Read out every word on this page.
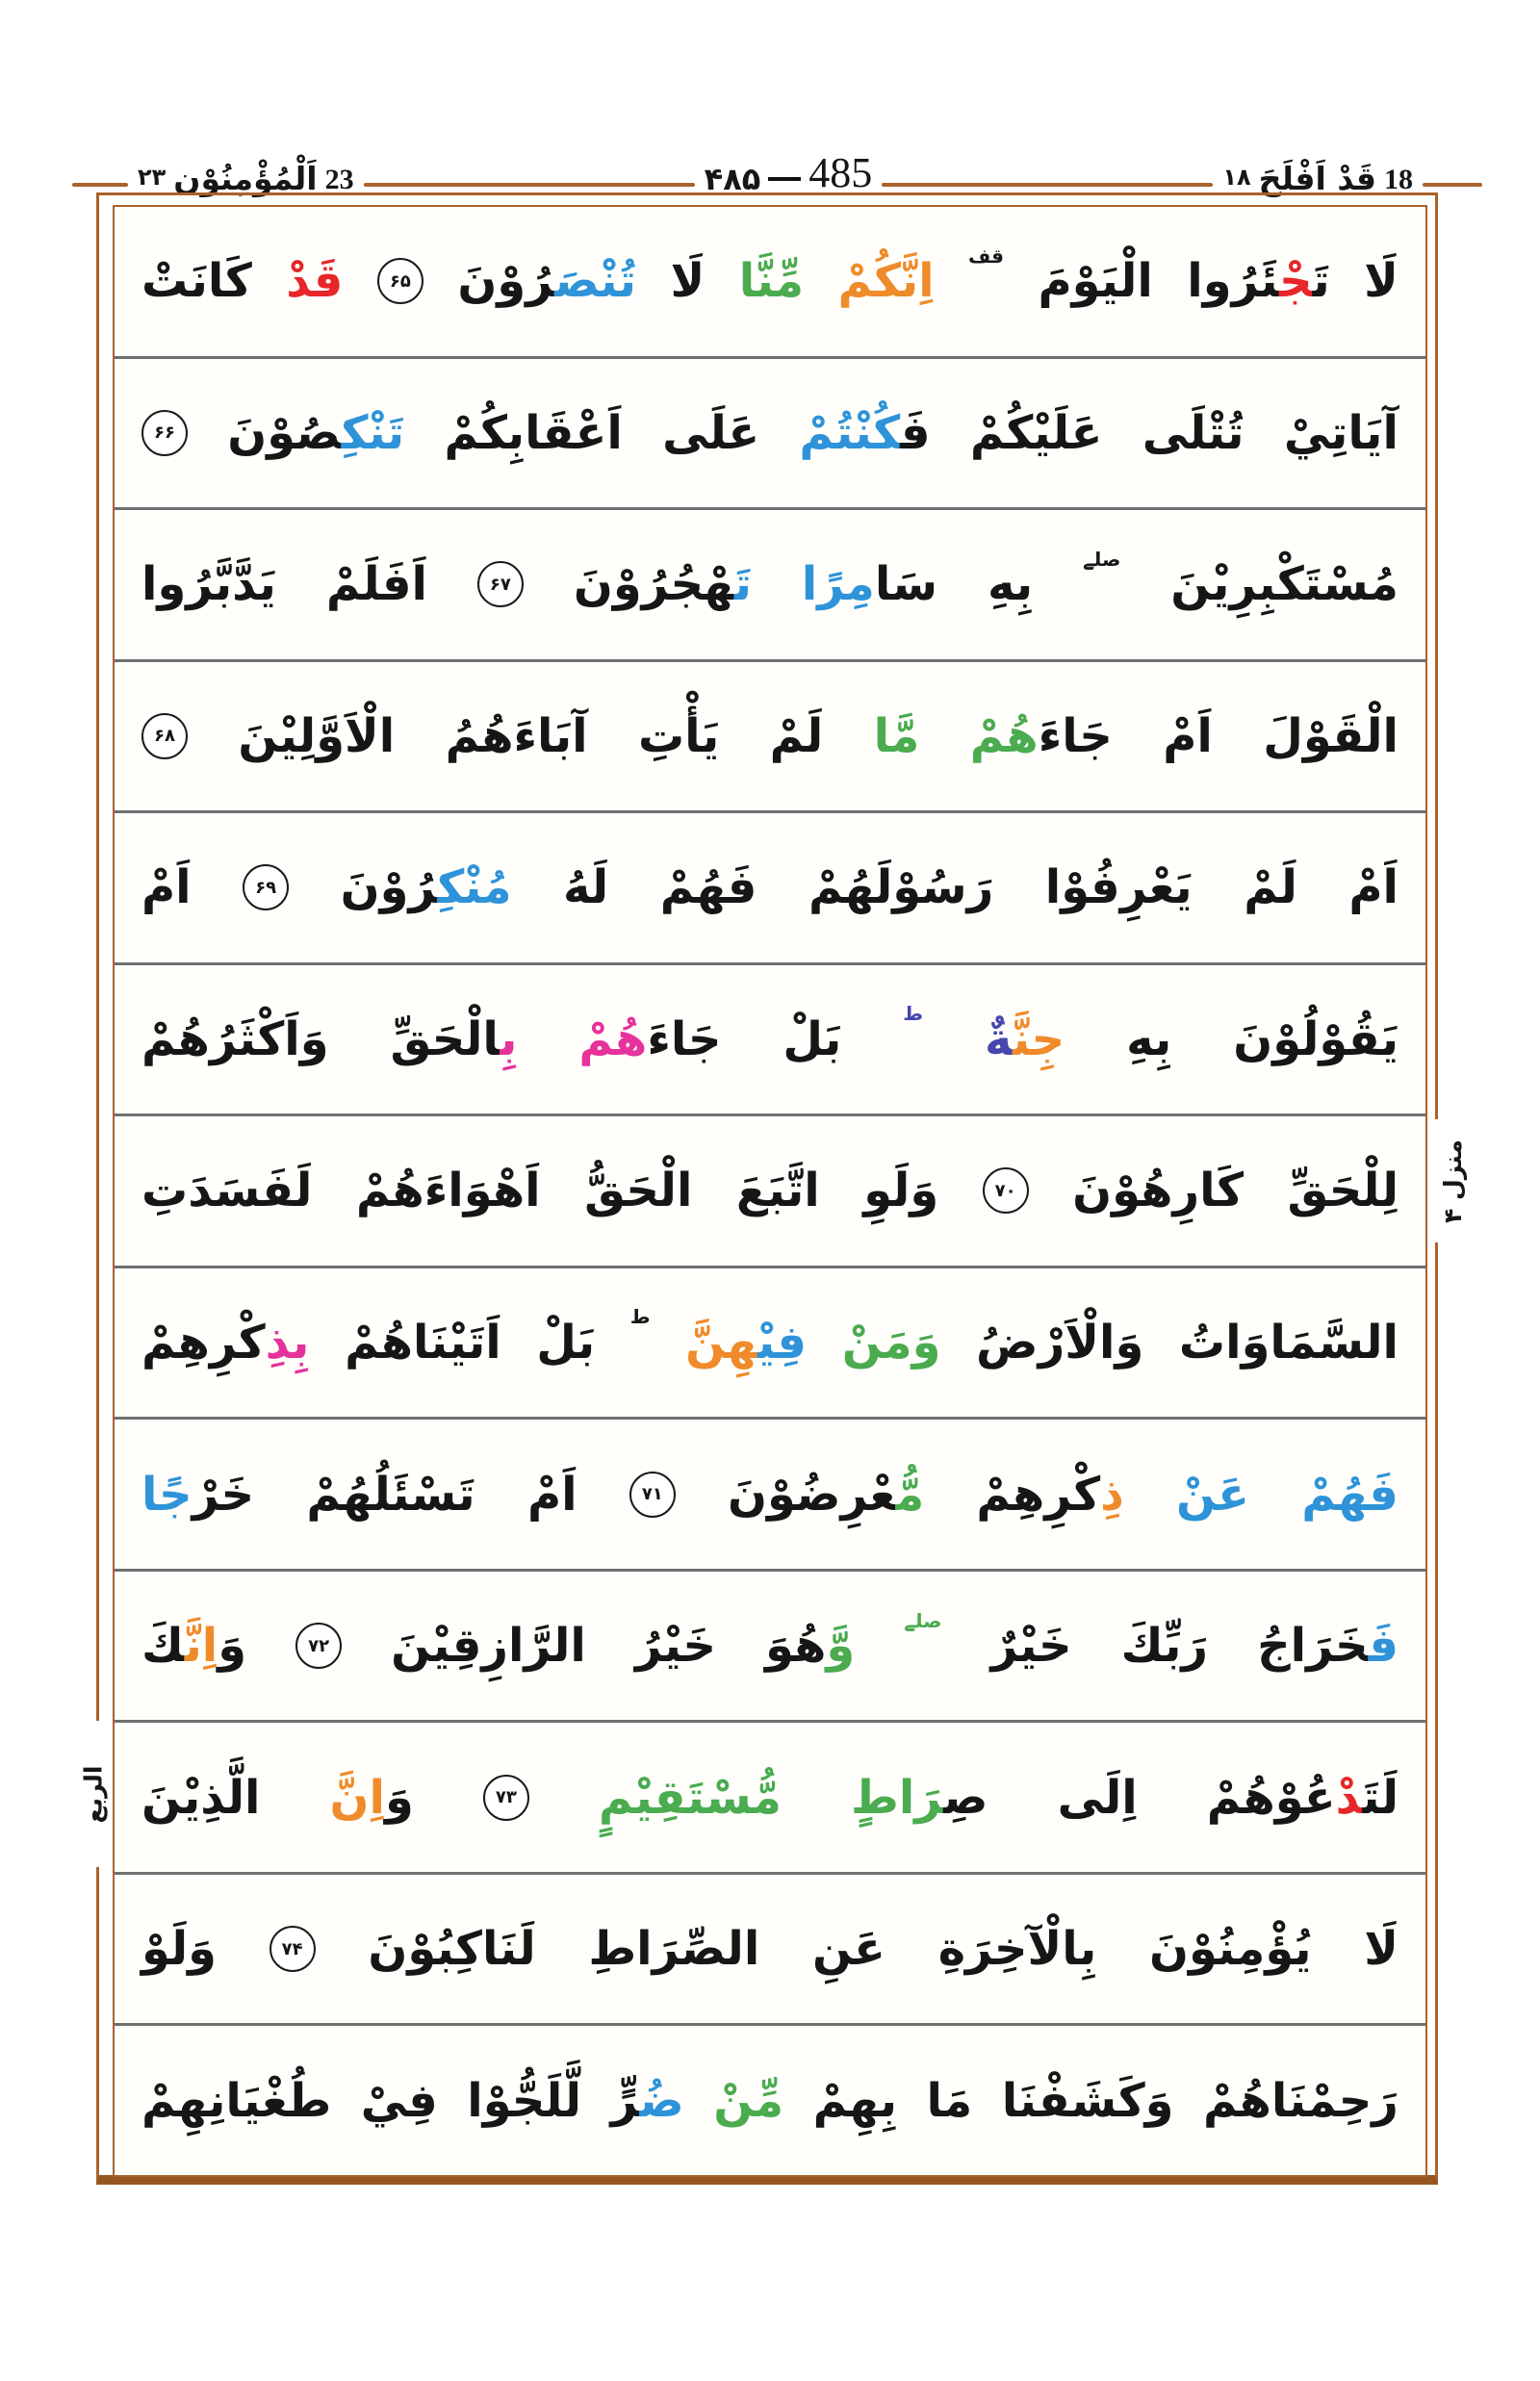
۲۳ اَلْمُؤْمِنُوْن 23	۴۸۵ 485	۱۸ قَدْ اَفْلَحَ 18
لَا
تَجْئَرُوا
الْيَوْمَ
قف
اِنَّكُمْ
مِّنَّا
لَا
تُنْصَرُوْنَ
۶۵
قَدْ
كَانَتْ
آيَاتِيْ
تُتْلَى
عَلَيْكُمْ
فَكُنْتُمْ
عَلَى
اَعْقَابِكُمْ
تَنْكِصُوْنَ
۶۶
مُسْتَكْبِرِيْنَ
صلے
بِهِ
سَامِرًا
تَهْجُرُوْنَ
۶۷
اَفَلَمْ
يَدَّبَّرُوا
الْقَوْلَ
اَمْ
جَاءَهُمْ
مَّا
لَمْ
يَأْتِ
آبَاءَهُمُ
الْاَوَّلِيْنَ
۶۸
اَمْ
لَمْ
يَعْرِفُوْا
رَسُوْلَهُمْ
فَهُمْ
لَهُ
مُنْكِرُوْنَ
۶۹
اَمْ
يَقُوْلُوْنَ
بِهِ
جِنَّةٌ
ط
بَلْ
جَاءَهُمْ
بِالْحَقِّ
وَاَكْثَرُهُمْ
لِلْحَقِّ
كَارِهُوْنَ
۷۰
وَلَوِ
اتَّبَعَ
الْحَقُّ
اَهْوَاءَهُمْ
لَفَسَدَتِ
السَّمَاوَاتُ
وَالْاَرْضُ
وَمَنْ
فِيْهِنَّ
ط
بَلْ
اَتَيْنَاهُمْ
بِذِكْرِهِمْ
فَهُمْ
عَنْ
ذِكْرِهِمْ
مُّعْرِضُوْنَ
۷۱
اَمْ
تَسْئَلُهُمْ
خَرْجًا
فَخَرَاجُ
رَبِّكَ
خَيْرٌ
صلے
وَّهُوَ
خَيْرُ
الرَّازِقِيْنَ
۷۲
وَاِنَّكَ
لَتَدْعُوْهُمْ
اِلَى
صِرَاطٍ
مُّسْتَقِيْمٍ
۷۳
وَاِنَّ
الَّذِيْنَ
لَا
يُؤْمِنُوْنَ
بِالْآخِرَةِ
عَنِ
الصِّرَاطِ
لَنَاكِبُوْنَ
۷۴
وَلَوْ
رَحِمْنَاهُمْ
وَكَشَفْنَا
مَا
بِهِمْ
مِّنْ
ضُرٍّ
لَّلَجُّوْا
فِيْ
طُغْيَانِهِمْ
منزل ۴
الربع
